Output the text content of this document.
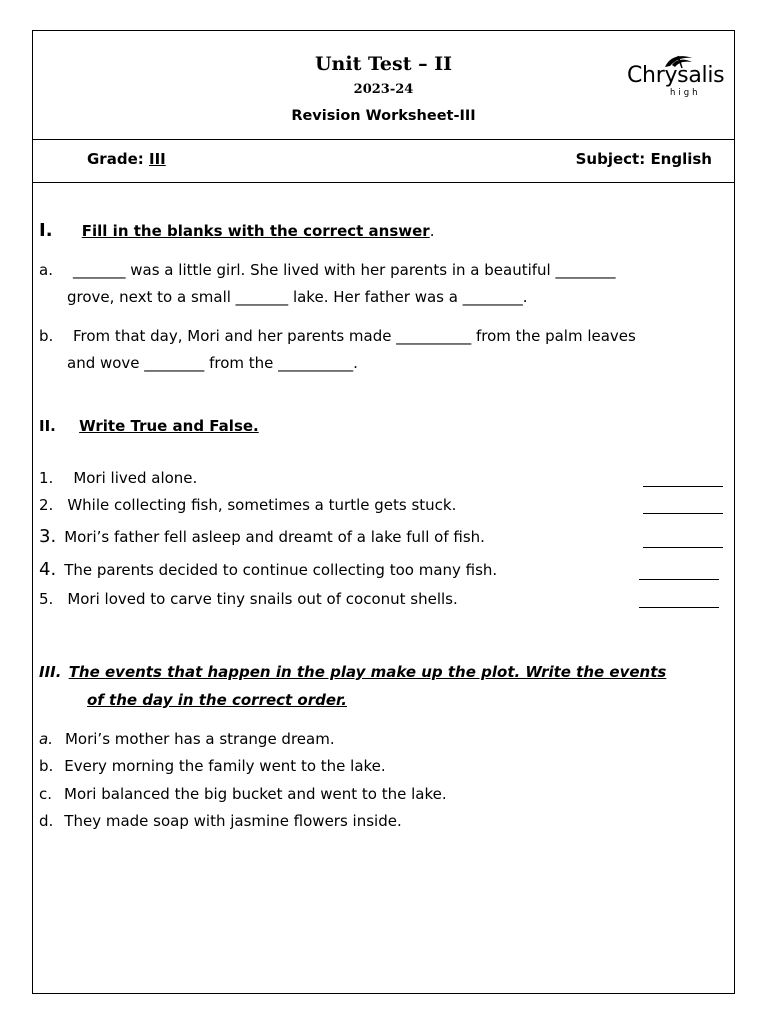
Unit Test – II
2023-24
Revision Worksheet-III
Chrysalis
high
Grade: III	Subject: English
I. Fill in the blanks with the correct answer.
a. _______ was a little girl. She lived with her parents in a beautiful ________
grove, next to a small _______ lake. Her father was a ________.
b. From that day, Mori and her parents made __________ from the palm leaves
and wove ________ from the __________.
II. Write True and False.
1. Mori lived alone.
2. While collecting fish, sometimes a turtle gets stuck.
3. Mori’s father fell asleep and dreamt of a lake full of fish.
4. The parents decided to continue collecting too many fish.
5. Mori loved to carve tiny snails out of coconut shells.
III. The events that happen in the play make up the plot. Write the events
of the day in the correct order.
a. Mori’s mother has a strange dream.
b. Every morning the family went to the lake.
c. Mori balanced the big bucket and went to the lake.
d. They made soap with jasmine flowers inside.
